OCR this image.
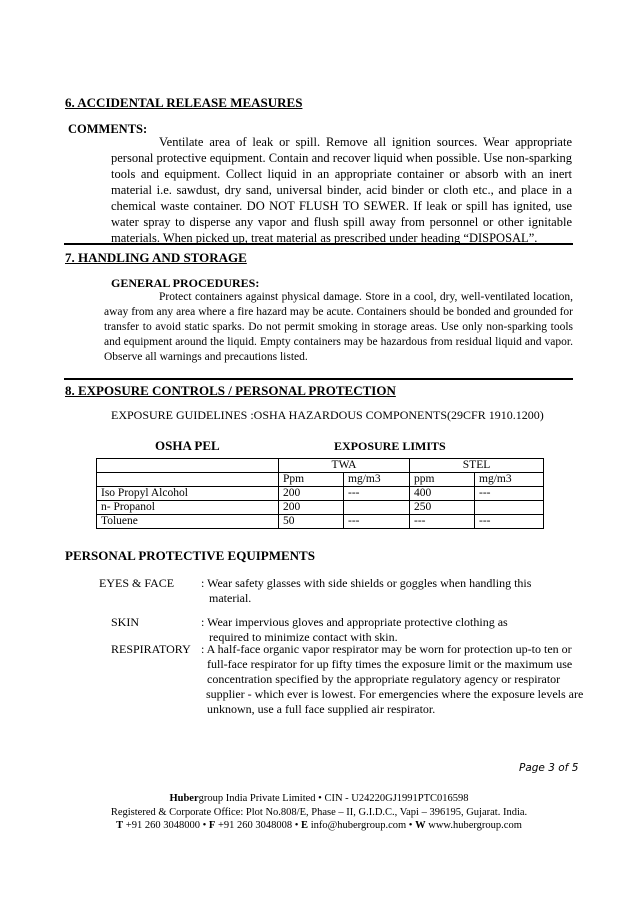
6. ACCIDENTAL RELEASE MEASURES
COMMENTS:
Ventilate area of leak or spill. Remove all ignition sources. Wear appropriate personal protective equipment. Contain and recover liquid when possible. Use non-sparking tools and equipment. Collect liquid in an appropriate container or absorb with an inert material i.e. sawdust, dry sand, universal binder, acid binder or cloth etc., and place in a chemical waste container. DO NOT FLUSH TO SEWER. If leak or spill has ignited, use water spray to disperse any vapor and flush spill away from personnel or other ignitable materials. When picked up, treat material as prescribed under heading “DISPOSAL”.
7. HANDLING AND STORAGE
GENERAL PROCEDURES:
Protect containers against physical damage. Store in a cool, dry, well-ventilated location, away from any area where a fire hazard may be acute. Containers should be bonded and grounded for transfer to avoid static sparks. Do not permit smoking in storage areas. Use only non-sparking tools and equipment around the liquid. Empty containers may be hazardous from residual liquid and vapor. Observe all warnings and precautions listed.
8. EXPOSURE CONTROLS / PERSONAL PROTECTION
EXPOSURE GUIDELINES :OSHA HAZARDOUS COMPONENTS(29CFR 1910.1200)
OSHA PEL	EXPOSURE LIMITS
	TWA		STEL	
	Ppm	mg/m3	ppm	mg/m3
Iso Propyl Alcohol	200	---	400	---
n- Propanol	200		250	
Toluene	50	---	---	---
PERSONAL PROTECTIVE EQUIPMENTS
EYES & FACE : Wear safety glasses with side shields or goggles when handling this
material.
SKIN	: Wear impervious gloves and appropriate protective clothing as
required to minimize contact with skin.
RESPIRATORY : A half-face organic vapor respirator may be worn for protection up-to ten or
full-face respirator for up fifty times the exposure limit or the maximum use
concentration specified by the appropriate regulatory agency or respirator
supplier - which ever is lowest. For emergencies where the exposure levels are
unknown, use a full face supplied air respirator.
Page 3 of 5
Hubergroup India Private Limited • CIN - U24220GJ1991PTC016598
Registered & Corporate Office: Plot No.808/E, Phase – II, G.I.D.C., Vapi – 396195, Gujarat. India.
T +91 260 3048000 • F +91 260 3048008 • E info@hubergroup.com • W www.hubergroup.com
